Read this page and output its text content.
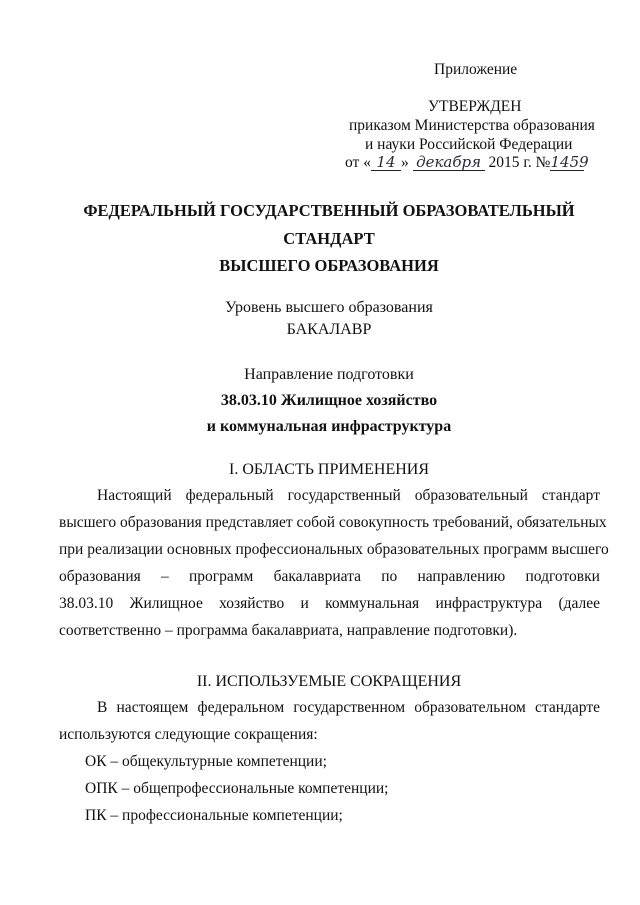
Приложение
УТВЕРЖДЕН
приказом Министерства образования
и науки Российской Федерации
от « 14 » декабря 2015 г. №1459
ФЕДЕРАЛЬНЫЙ ГОСУДАРСТВЕННЫЙ ОБРАЗОВАТЕЛЬНЫЙ
СТАНДАРТ
ВЫСШЕГО ОБРАЗОВАНИЯ
Уровень высшего образования
БАКАЛАВР
Направление подготовки
38.03.10 Жилищное хозяйство
и коммунальная инфраструктура
I. ОБЛАСТЬ ПРИМЕНЕНИЯ
Настоящий федеральный государственный образовательный стандарт
высшего образования представляет собой совокупность требований, обязательных
при реализации основных профессиональных образовательных программ высшего
образования – программ бакалавриата по направлению подготовки
38.03.10 Жилищное хозяйство и коммунальная инфраструктура (далее
соответственно – программа бакалавриата, направление подготовки).
II. ИСПОЛЬЗУЕМЫЕ СОКРАЩЕНИЯ
В настоящем федеральном государственном образовательном стандарте
используются следующие сокращения:
ОК – общекультурные компетенции;
ОПК – общепрофессиональные компетенции;
ПК – профессиональные компетенции;
